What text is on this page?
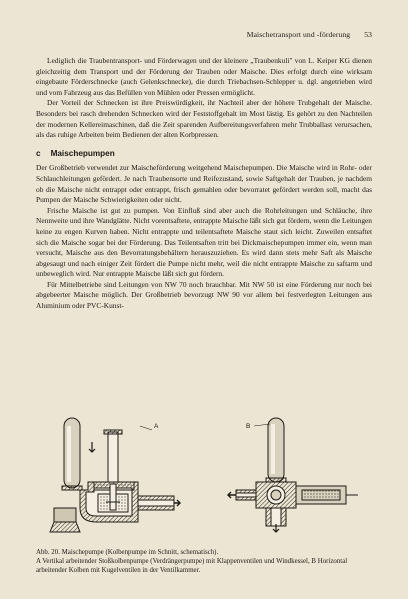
Maischetransport und -förderung 53

Lediglich die Traubentransport- und Förderwagen und der kleinere „Traubenkuli" von L. Keiper KG dienen gleichzeitig dem Transport und der Förderung der Trauben oder Maische. Dies erfolgt durch eine wirksam eingebaute Förderschnecke (auch Gelenkschnecke), die durch Triebachsen-Schlepper u. dgl. angetrieben wird und vom Fahrzeug aus das Befüllen von Mühlen oder Pressen ermöglicht.

Der Vorteil der Schnecken ist ihre Preiswürdigkeit, ihr Nachteil aber der höhere Trubgehalt der Maische. Besonders bei rasch drehenden Schnecken wird der Feststoffgehalt im Most lästig. Es gehört zu den Nachteilen der modernen Kellereimaschinen, daß die Zeit sparenden Aufbereitungsverfahren mehr Trubballast verursachen, als das ruhige Arbeiten beim Bedienen der alten Korbpressen.

c Maischepumpen

Der Großbetrieb verwendet zur Maischeförderung weitgehend Maischepumpen. Die Maische wird in Rohr- oder Schlauchleitungen gefördert. Je nach Traubensorte und Reifezustand, sowie Saftgehalt der Trauben, je nachdem ob die Maische nicht entrappt oder entrappt, frisch gemahlen oder bevorratet gefördert werden soll, macht das Pumpen der Maische Schwierigkeiten oder nicht.

Frische Maische ist gut zu pumpen. Von Einfluß sind aber auch die Rohrleitungen und Schläuche, ihre Nennweite und ihre Wandglätte. Nicht vorentsaftete, entrappte Maische läßt sich gut fördern, wenn die Leitungen keine zu engen Kurven haben. Nicht entrappte und teilentsaftete Maische staut sich leicht. Zuweilen entsaftet sich die Maische sogar bei der Förderung. Das Teilentsaften tritt bei Dickmaischepumpen immer ein, wenn man versucht, Maische aus den Bevorratungsbehältern herauszuziehen. Es wird dann stets mehr Saft als Maische abgesaugt und nach einiger Zeit fördert die Pumpe nicht mehr, weil die nicht entrappte Maische zu saftarm und unbeweglich wird. Nur entrappte Maische läßt sich gut fördern.

Für Mittelbetriebe sind Leitungen von NW 70 noch brauchbar. Mit NW 50 ist eine Förderung nur noch bei abgebeerter Maische möglich. Der Großbetrieb bevorzugt NW 90 vor allem bei festverlegten Leitungen aus Aluminium oder PVC-Kunst-

A	B
Abb. 20. Maischepumpe (Kolbenpumpe im Schnitt, schematisch).
A Vertikal arbeitender Stoßkolbenpumpe (Verdrängerpumpe) mit Klappenventilen und Windkessel, B Horizontal arbeitender Kolben mit Kugelventilen in der Ventilkammer.
